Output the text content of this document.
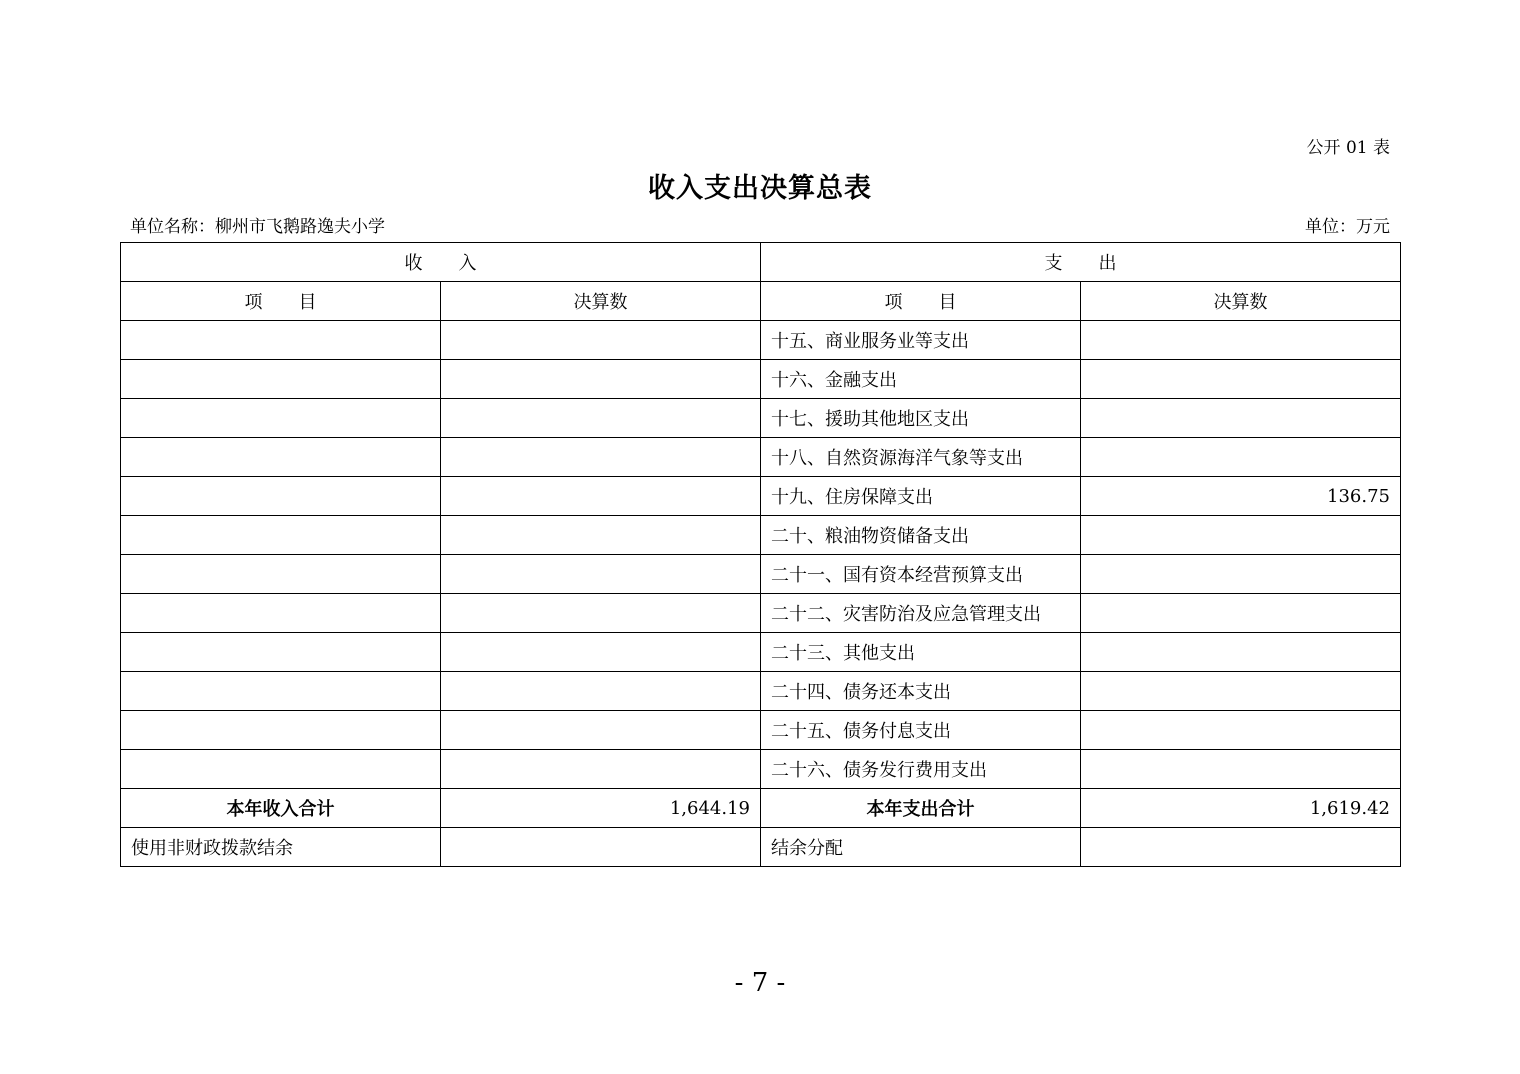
公开 01 表
收入支出决算总表
单位名称：柳州市飞鹅路逸夫小学	单位：万元
收　　入		支　　出	
项　　目	决算数	项　　目	决算数
		十五、商业服务业等支出	
		十六、金融支出	
		十七、援助其他地区支出	
		十八、自然资源海洋气象等支出	
		十九、住房保障支出	136.75
		二十、粮油物资储备支出	
		二十一、国有资本经营预算支出	
		二十二、灾害防治及应急管理支出	
		二十三、其他支出	
		二十四、债务还本支出	
		二十五、债务付息支出	
		二十六、债务发行费用支出	
本年收入合计	1,644.19	本年支出合计	1,619.42
使用非财政拨款结余		结余分配	
- 7 -
